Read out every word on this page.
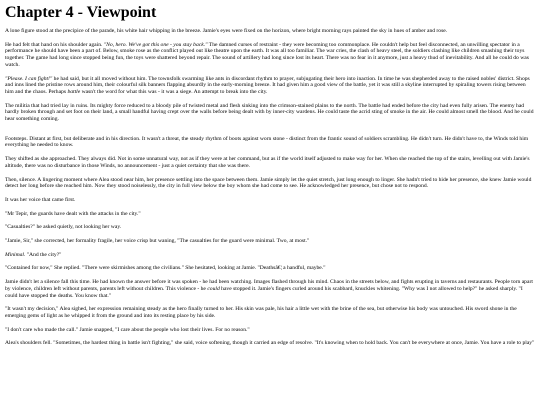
Chapter 4 - Viewpoint

A lone figure stood at the precipice of the parade, his white hair whipping in the breeze. Jamie's eyes were fixed on the horizon, where bright morning rays painted the sky in hues of amber and rose.

He had felt that hand on his shoulder again. "No, hero. We've got this one - you stay back." The damned curses of restraint - they were becoming too commonplace. He couldn't help but feel disconnected, an unwilling spectator in a performance he should have been a part of. Below, smoke rose as the conflict played out like theatre upon the earth. It was all too familiar. The war cries, the clash of heavy steel, the soldiers clashing like children smashing their toys together. The game had long since stopped being fun, the toys were shattered beyond repair. The sound of artillery had long since lost its heart. There was no fear in it anymore, just a heavy thud of inevitability. And all he could do was watch.

"Please. I can fight!" he had said, but it all moved without him. The townsfolk swarming like ants in discordant rhythm to prayer, subjugating their hero into inaction. In time he was shepherded away to the raised nobles' district. Shops and inns lined the pristine rows around him, their colourful silk banners flapping absurdly in the early-morning breeze. It had given him a good view of the battle, yet it was still a skyline interrupted by spiraling towers rising between him and the chaos. Perhaps battle wasn't the word for what this was - it was a siege. An attempt to break into the city.

The militia that had tried lay in ruins. Its mighty force reduced to a bloody pile of twisted metal and flesh sinking into the crimson-stained plains to the north. The battle had ended before the city had even fully arisen. The enemy had hardly broken through and set foot on their land, a small handful having crept over the walls before being dealt with by inner-city wardens. He could taste the acrid sting of smoke in the air. He could almost smell the blood. And he could hear something coming.

Footsteps. Distant at first, but deliberate and in his direction. It wasn't a threat, the steady rhythm of boots against worn stone - distinct from the frantic sound of soldiers scrambling. He didn't turn. He didn't have to, the Winds told him everything he needed to know.

They shifted as she approached. They always did. Not in some unnatural way, not as if they were at her command, but as if the world itself adjusted to make way for her. When she reached the top of the stairs, levelling out with Jamie's altitude, there was no disturbance in those Winds, no announcement - just a quiet certainty that she was there.

Then, silence. A lingering moment where Alea stood near him, her presence settling into the space between them. Jamie simply let the quiet stretch, just long enough to linger. She hadn't tried to hide her presence, she knew Jamie would detect her long before she reached him. Now they stood noiselessly, the city in full view below the boy whom she had come to see. He acknowledged her presence, but chose not to respond.

It was her voice that came first.

"Mr Tepir, the guards have dealt with the attacks in the city."

"Casualties?" he asked quietly, not looking her way.

"Jamie, Sir," she corrected, her formality fragile, her voice crisp but waning, "The casualties for the guard were minimal. Two, at most."

Minimal. "And the city?"

"Contained for now," She replied. "There were skirmishes among the civilians." She hesitated, looking at Jamie. "Deathsâ€¦ a handful, maybe."

Jamie didn't let a silence fall this time. He had known the answer before it was spoken - he had been watching. Images flashed through his mind. Chaos in the streets below, and fights erupting in taverns and restaurants. People torn apart by violence, children left without parents, parents left without children. This violence - he could have stopped it. Jamie's fingers curled around his scabbard, knuckles whitening. "Why was I not allowed to help?" he asked sharply. "I could have stopped the deaths. You know that."

"It wasn't my decision," Alea sighed, her expression remaining steady as the hero finally turned to her. His skin was pale, his hair a little wet with the brine of the sea, but otherwise his body was untouched. His sword shone in the emerging gems of light as he whipped it from the ground and into its resting place by his side.

"I don't care who made the call." Jamie snapped, "I care about the people who lost their lives. For no reason."

Alea's shoulders fell. "Sometimes, the hardest thing in battle isn't fighting," she said, voice softening, though it carried an edge of resolve. "It's knowing when to hold back. You can't be everywhere at once, Jamie. You have a role to play"
